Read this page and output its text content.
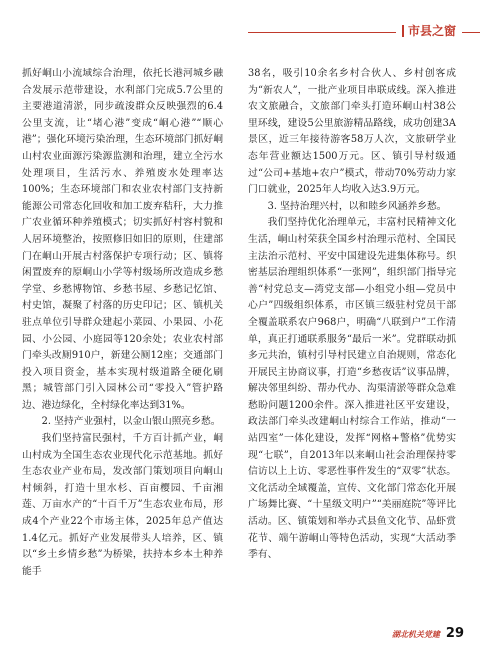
市县之窗

抓好峒山小流域综合治理，依托长港河城乡融合发展示范带建设，水利部门完成5.7公里的主要港道清淤，同步疏浚群众反映强烈的6.4公里支流，让“堵心港”变成“峒心港”“顺心港”；强化环境污染治理，生态环境部门抓好峒山村农业面源污染源监测和治理，建立全污水处理项目，生活污水、养殖废水处理率达100%；生态环境部门和农业农村部门支持新能源公司常态化回收和加工废弃秸秆，大力推广农业循环种养殖模式；切实抓好村容村貌和人居环境整治，按照修旧如旧的原则，住建部门在峒山开展古村落保护专项行动；区、镇将闲置废弃的原峒山小学等村级场所改造成乡愁学堂、乡愁博物馆、乡愁书屋、乡愁记忆馆、村史馆，凝聚了村落的历史印记；区、镇机关驻点单位引导群众建起小菜园、小果园、小花园、小公园、小庭园等120余处；农业农村部门牵头改厕910户，新建公厕12座；交通部门投入项目资金，基本实现村级道路全硬化刷黑；城管部门引入园林公司“零投入”管护路边、港边绿化，全村绿化率达到31%。

2. 坚持产业强村，以金山银山照亮乡愁。

我们坚持富民强村，千方百计抓产业，峒山村成为全国生态农业现代化示范基地。抓好生态农业产业布局，发改部门策划项目向峒山村倾斜，打造十里水杉、百亩樱园、千亩湘莲、万亩水产的“十百千万”生态农业布局，形成4个产业22个市场主体，2025年总产值达1.4亿元。抓好产业发展带头人培养，区、镇以“乡土乡情乡愁”为桥梁，扶持本乡本土种养能手

38名，吸引10余名乡村合伙人、乡村创客成为“新农人”，一批产业项目串联成线。深入推进农文旅融合，文旅部门牵头打造环峒山村38公里环线，建设5公里旅游精品路线，成功创建3A景区，近三年接待游客58万人次，文旅研学业态年营业额达1500万元。区、镇引导村级通过“公司+基地+农户”模式，带动70%劳动力家门口就业，2025年人均收入达3.9万元。

3. 坚持治理兴村，以和睦乡风涵养乡愁。

我们坚持优化治理单元，丰富村民精神文化生活，峒山村荣获全国乡村治理示范村、全国民主法治示范村、平安中国建设先进集体称号。织密基层治理组织体系“一张网”，组织部门指导完善“村党总支—湾党支部—小组党小组—党员中心户”四级组织体系，市区镇三级驻村党员干部全覆盖联系农户968户，明确“八联到户”工作清单，真正打通联系服务“最后一米”。党群联动抓多元共治，镇村引导村民建立自治规则，常态化开展民主协商议事，打造“乡愁夜话”议事品牌，解决邻里纠纷、帮办代办、沟渠清淤等群众急难愁盼问题1200余件。深入推进社区平安建设，政法部门牵头改建峒山村综合工作站，推动“一站四室”一体化建设，发挥“网格+警格”优势实现“七联”，自2013年以来峒山社会治理保持零信访以上上访、零恶性事件发生的“双零”状态。文化活动全域覆盖，宣传、文化部门常态化开展广场舞比赛、“十星级文明户”“美丽庭院”等评比活动。区、镇策划和举办式县鱼文化节、品虾赏花节、端午游峒山等特色活动，实现“大活动季季有、

湖北机关党建 29
